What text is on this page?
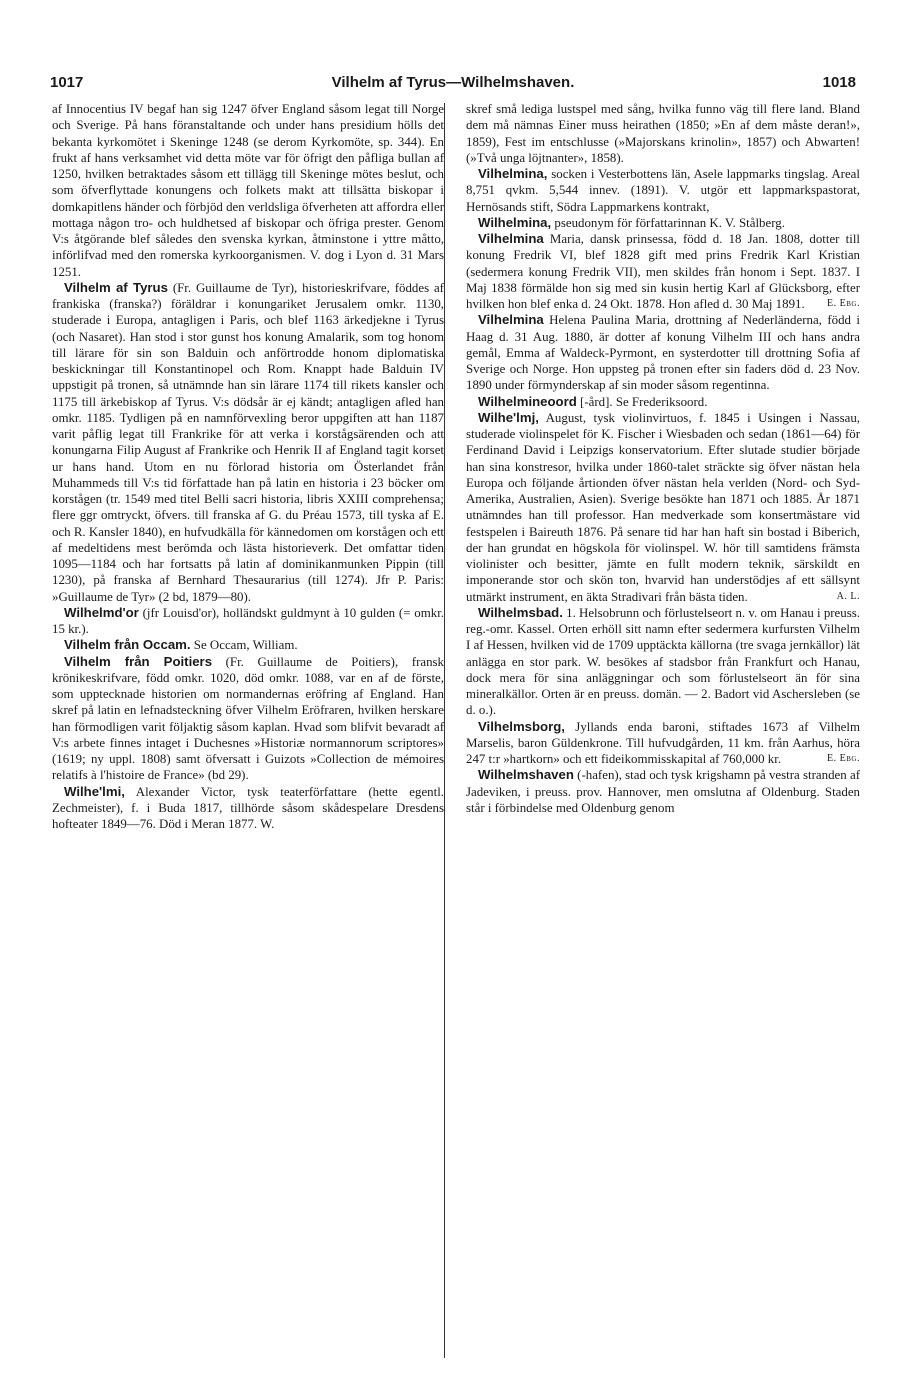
1017	Vilhelm af Tyrus—Wilhelmshaven.	1018

af Innocentius IV begaf han sig 1247 öfver England såsom legat till Norge och Sverige. På hans föranstaltande och under hans presidium hölls det bekanta kyrkomötet i Skeninge 1248 (se derom Kyrkomöte, sp. 344). En frukt af hans verksamhet vid detta möte var för öfrigt den påfliga bullan af 1250, hvilken betraktades såsom ett tillägg till Skeninge mötes beslut, och som öfverflyttade konungens och folkets makt att tillsätta biskopar i domkapitlens händer och förbjöd den verldsliga öfverheten att affordra eller mottaga någon tro- och huldhetsed af biskopar och öfriga prester. Genom V:s åtgörande blef således den svenska kyrkan, åtminstone i yttre måtto, införlifvad med den romerska kyrkoorganismen. V. dog i Lyon d. 31 Mars 1251.

Vilhelm af Tyrus (Fr. Guillaume de Tyr), historieskrifvare, föddes af frankiska (franska?) föräldrar i konungariket Jerusalem omkr. 1130, studerade i Europa, antagligen i Paris, och blef 1163 ärkedjekne i Tyrus (och Nasaret). Han stod i stor gunst hos konung Amalarik, som tog honom till lärare för sin son Balduin och anförtrodde honom diplomatiska beskickningar till Konstantinopel och Rom. Knappt hade Balduin IV uppstigit på tronen, så utnämnde han sin lärare 1174 till rikets kansler och 1175 till ärkebiskop af Tyrus. V:s dödsår är ej kändt; antagligen afled han omkr. 1185. Tydligen på en namnförvexling beror uppgiften att han 1187 varit påflig legat till Frankrike för att verka i korstågsärenden och att konungarna Filip August af Frankrike och Henrik II af England tagit korset ur hans hand. Utom en nu förlorad historia om Österlandet från Muhammeds till V:s tid författade han på latin en historia i 23 böcker om korstågen (tr. 1549 med titel Belli sacri historia, libris XXIII comprehensa; flere ggr omtryckt, öfvers. till franska af G. du Préau 1573, till tyska af E. och R. Kansler 1840), en hufvudkälla för kännedomen om korstågen och ett af medeltidens mest berömda och lästa historieverk. Det omfattar tiden 1095—1184 och har fortsatts på latin af dominikanmunken Pippin (till 1230), på franska af Bernhard Thesaurarius (till 1274). Jfr P. Paris: »Guillaume de Tyr» (2 bd, 1879—80).

Wilhelmd'or (jfr Louisd'or), holländskt guldmynt à 10 gulden (= omkr. 15 kr.).

Vilhelm från Occam. Se Occam, William.

Vilhelm från Poitiers (Fr. Guillaume de Poitiers), fransk krönikeskrifvare, född omkr. 1020, död omkr. 1088, var en af de förste, som upptecknade historien om normandernas eröfring af England. Han skref på latin en lefnadsteckning öfver Vilhelm Eröfraren, hvilken herskare han förmodligen varit följaktig såsom kaplan. Hvad som blifvit bevaradt af V:s arbete finnes intaget i Duchesnes »Historiæ normannorum scriptores» (1619; ny uppl. 1808) samt öfversatt i Guizots »Collection de mémoires relatifs à l'histoire de France» (bd 29).

Wilhe'lmi, Alexander Victor, tysk teaterförfattare (hette egentl. Zechmeister), f. i Buda 1817, tillhörde såsom skådespelare Dresdens hofteater 1849—76. Död i Meran 1877. W.

skref små lediga lustspel med sång, hvilka funno väg till flere land. Bland dem må nämnas Einer muss heirathen (1850; »En af dem måste deran!», 1859), Fest im entschlusse (»Majorskans krinolin», 1857) och Abwarten! (»Två unga löjtnanter», 1858).

Vilhelmina, socken i Vesterbottens län, Asele lappmarks tingslag. Areal 8,751 qvkm. 5,544 innev. (1891). V. utgör ett lappmarkspastorat, Hernösands stift, Södra Lappmarkens kontrakt,

Wilhelmina, pseudonym för författarinnan K. V. Stålberg.

Vilhelmina Maria, dansk prinsessa, född d. 18 Jan. 1808, dotter till konung Fredrik VI, blef 1828 gift med prins Fredrik Karl Kristian (sedermera konung Fredrik VII), men skildes från honom i Sept. 1837. I Maj 1838 förmälde hon sig med sin kusin hertig Karl af Glücksborg, efter hvilken hon blef enka d. 24 Okt. 1878. Hon afled d. 30 Maj 1891.	E. Ebg.

Vilhelmina Helena Paulina Maria, drottning af Nederländerna, född i Haag d. 31 Aug. 1880, är dotter af konung Vilhelm III och hans andra gemål, Emma af Waldeck-Pyrmont, en systerdotter till drottning Sofia af Sverige och Norge. Hon uppsteg på tronen efter sin faders död d. 23 Nov. 1890 under förmynderskap af sin moder såsom regentinna.

Wilhelmineoord [-ård]. Se Frederiksoord.

Wilhe'lmj, August, tysk violinvirtuos, f. 1845 i Usingen i Nassau, studerade violinspelet för K. Fischer i Wiesbaden och sedan (1861—64) för Ferdinand David i Leipzigs konservatorium. Efter slutade studier började han sina konstresor, hvilka under 1860-talet sträckte sig öfver nästan hela Europa och följande årtionden öfver nästan hela verlden (Nord- och Syd-Amerika, Australien, Asien). Sverige besökte han 1871 och 1885. År 1871 utnämndes han till professor. Han medverkade som konsertmästare vid festspelen i Baireuth 1876. På senare tid har han haft sin bostad i Biberich, der han grundat en högskola för violinspel. W. hör till samtidens främsta violinister och besitter, jämte en fullt modern teknik, särskildt en imponerande stor och skön ton, hvarvid han understödjes af ett sällsynt utmärkt instrument, en äkta Stradivari från bästa tiden.	A. L.

Wilhelmsbad. 1. Helsobrunn och förlustelseort n. v. om Hanau i preuss. reg.-omr. Kassel. Orten erhöll sitt namn efter sedermera kurfursten Vilhelm I af Hessen, hvilken vid de 1709 upptäckta källorna (tre svaga jernkällor) lät anlägga en stor park. W. besökes af stadsbor från Frankfurt och Hanau, dock mera för sina anläggningar och som förlustelseort än för sina mineralkällor. Orten är en preuss. domän. — 2. Badort vid Aschersleben (se d. o.).

Vilhelmsborg, Jyllands enda baroni, stiftades 1673 af Vilhelm Marselis, baron Güldenkrone. Till hufvudgården, 11 km. från Aarhus, höra 247 t:r »hartkorn» och ett fideikommisskapital af 760,000 kr.	E. Ebg.

Wilhelmshaven (-hafen), stad och tysk krigshamn på vestra stranden af Jadeviken, i preuss. prov. Hannover, men omslutna af Oldenburg. Staden står i förbindelse med Oldenburg genom
